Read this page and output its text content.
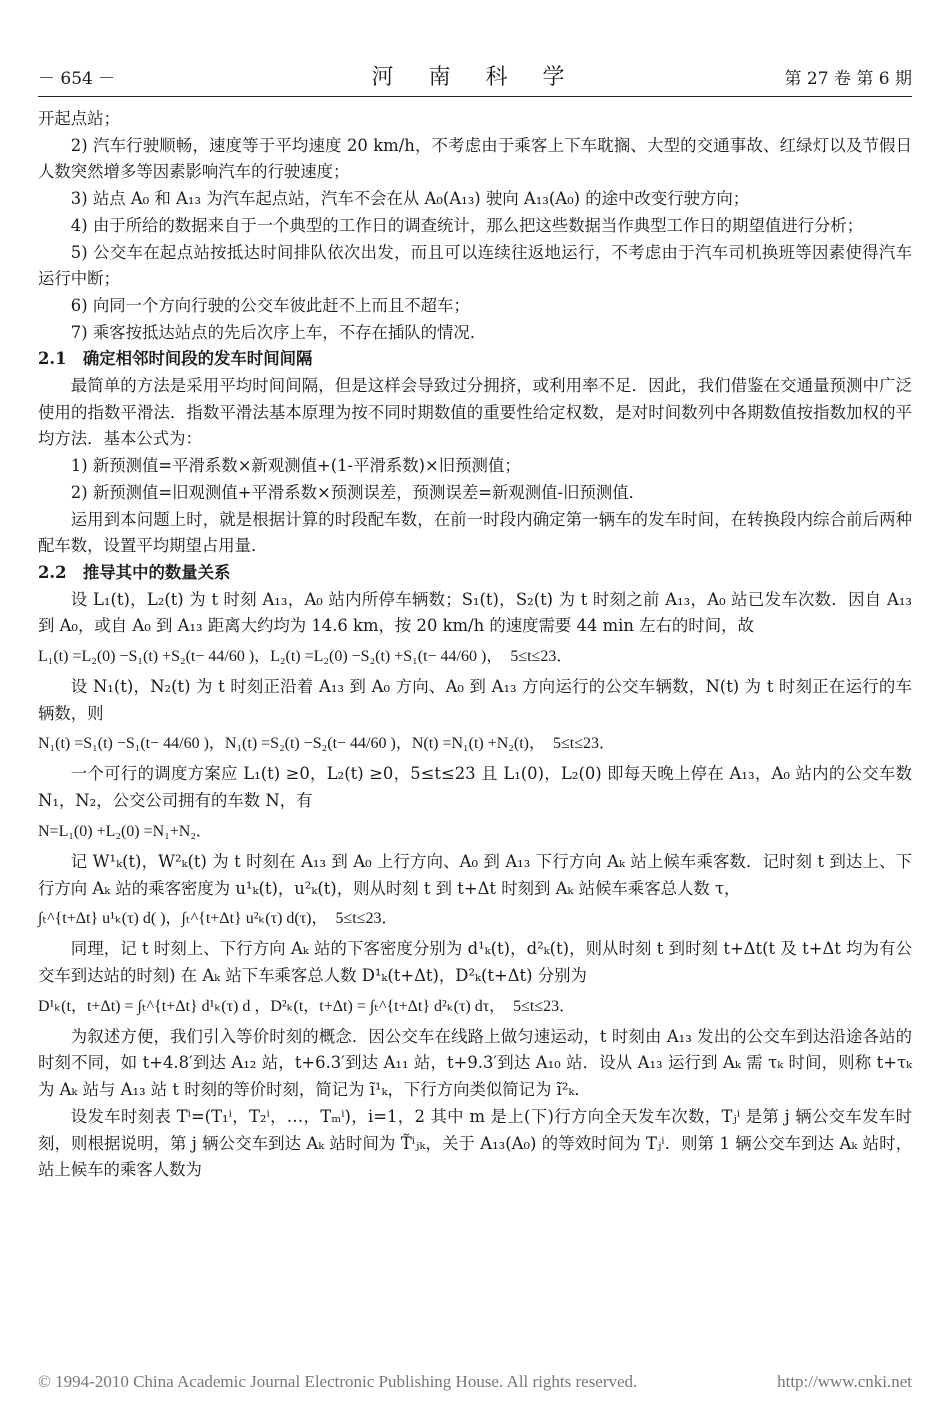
－ 654 －	河 南 科 学	第 27 卷 第 6 期

开起点站；

2) 汽车行驶顺畅，速度等于平均速度 20 km/h，不考虑由于乘客上下车耽搁、大型的交通事故、红绿灯以及节假日人数突然增多等因素影响汽车的行驶速度；

3) 站点 A₀ 和 A₁₃ 为汽车起点站，汽车不会在从 A₀(A₁₃) 驶向 A₁₃(A₀) 的途中改变行驶方向；

4) 由于所给的数据来自于一个典型的工作日的调查统计，那么把这些数据当作典型工作日的期望值进行分析；

5) 公交车在起点站按抵达时间排队依次出发，而且可以连续往返地运行，不考虑由于汽车司机换班等因素使得汽车运行中断；

6) 向同一个方向行驶的公交车彼此赶不上而且不超车；

7) 乘客按抵达站点的先后次序上车，不存在插队的情况．

2.1　确定相邻时间段的发车时间间隔

最简单的方法是采用平均时间间隔，但是这样会导致过分拥挤，或利用率不足．因此，我们借鉴在交通量预测中广泛使用的指数平滑法．指数平滑法基本原理为按不同时期数值的重要性给定权数，是对时间数列中各期数值按指数加权的平均方法．基本公式为：

1) 新预测值=平滑系数×新观测值+(1-平滑系数)×旧预测值；

2) 新预测值=旧观测值+平滑系数×预测误差，预测误差=新观测值-旧预测值．

运用到本问题上时，就是根据计算的时段配车数，在前一时段内确定第一辆车的发车时间，在转换段内综合前后两种配车数，设置平均期望占用量．

2.2　推导其中的数量关系

设 L₁(t)，L₂(t) 为 t 时刻 A₁₃，A₀ 站内所停车辆数；S₁(t)，S₂(t) 为 t 时刻之前 A₁₃，A₀ 站已发车次数．因自 A₁₃ 到 A₀，或自 A₀ 到 A₁₃ 距离大约均为 14.6 km，按 20 km/h 的速度需要 44 min 左右的时间，故

L₁(t) =L₂(0) −S₁(t) +S₂(t− 44/60 )，L₂(t) =L₂(0) −S₂(t) +S₁(t− 44/60 )，　5≤t≤23．

设 N₁(t)，N₂(t) 为 t 时刻正沿着 A₁₃ 到 A₀ 方向、A₀ 到 A₁₃ 方向运行的公交车辆数，N(t) 为 t 时刻正在运行的车辆数，则

N₁(t) =S₁(t) −S₁(t− 44/60 )，N₁(t) =S₂(t) −S₂(t− 44/60 )，N(t) =N₁(t) +N₂(t)，　5≤t≤23．

一个可行的调度方案应 L₁(t) ≥0，L₂(t) ≥0，5≤t≤23 且 L₁(0)，L₂(0) 即每天晚上停在 A₁₃，A₀ 站内的公交车数 N₁，N₂，公交公司拥有的车数 N，有

N=L₁(0) +L₂(0) =N₁+N₂．

记 W¹ₖ(t)，W²ₖ(t) 为 t 时刻在 A₁₃ 到 A₀ 上行方向、A₀ 到 A₁₃ 下行方向 Aₖ 站上候车乘客数．记时刻 t 到达上、下行方向 Aₖ 站的乘客密度为 u¹ₖ(t)，u²ₖ(t)，则从时刻 t 到 t+Δt 时刻到 Aₖ 站候车乘客总人数 τ，

∫ₜ^{t+Δt} u¹ₖ(τ) d( )，∫ₜ^{t+Δt} u²ₖ(τ) d(τ)，　5≤t≤23．

同理，记 t 时刻上、下行方向 Aₖ 站的下客密度分别为 d¹ₖ(t)，d²ₖ(t)，则从时刻 t 到时刻 t+Δt(t 及 t+Δt 均为有公交车到达站的时刻) 在 Aₖ 站下车乘客总人数 D¹ₖ(t+Δt)，D²ₖ(t+Δt) 分别为

D¹ₖ(t，t+Δt) = ∫ₜ^{t+Δt} d¹ₖ(τ) d ，D²ₖ(t，t+Δt) = ∫ₜ^{t+Δt} d²ₖ(τ) dτ，　5≤t≤23．

为叙述方便，我们引入等价时刻的概念．因公交车在线路上做匀速运动，t 时刻由 A₁₃ 发出的公交车到达沿途各站的时刻不同，如 t+4.8′到达 A₁₂ 站，t+6.3′到达 A₁₁ 站，t+9.3′到达 A₁₀ 站．设从 A₁₃ 运行到 Aₖ 需 τₖ 时间，则称 t+τₖ 为 Aₖ 站与 A₁₃ 站 t 时刻的等价时刻，简记为 ĩ¹ₖ，下行方向类似简记为 ĩ²ₖ．

设发车时刻表 Tⁱ=(T₁ⁱ，T₂ⁱ，…，Tₘⁱ)，i=1，2 其中 m 是上(下)行方向全天发车次数，Tⱼⁱ 是第 j 辆公交车发车时刻，则根据说明，第 j 辆公交车到达 Aₖ 站时间为 T̃ⁱⱼₖ，关于 A₁₃(A₀) 的等效时间为 Tⱼⁱ．则第 1 辆公交车到达 Aₖ 站时，站上候车的乘客人数为

© 1994-2010 China Academic Journal Electronic Publishing House. All rights reserved.	http://www.cnki.net
